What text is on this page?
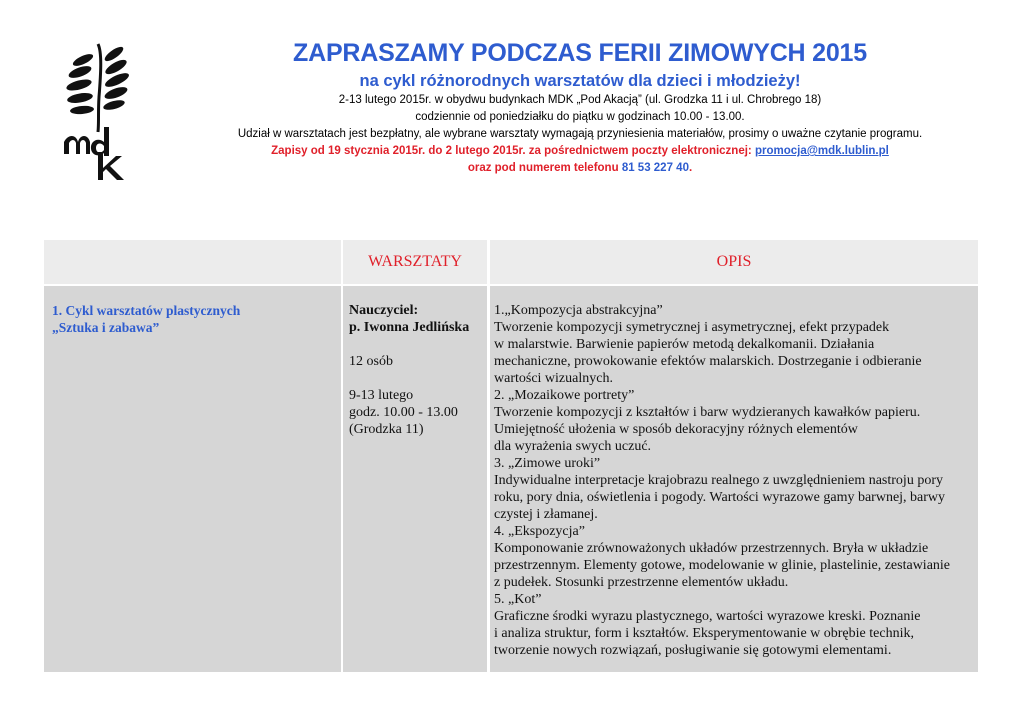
ZAPRASZAMY PODCZAS FERII ZIMOWYCH 2015
na cykl różnorodnych warsztatów dla dzieci i młodzieży!
2-13 lutego 2015r. w obydwu budynkach MDK „Pod Akacją” (ul. Grodzka 11 i ul. Chrobrego 18)
codziennie od poniedziałku do piątku w godzinach 10.00 - 13.00.
Udział w warsztatach jest bezpłatny, ale wybrane warsztaty wymagają przyniesienia materiałów, prosimy o uważne czytanie programu.
Zapisy od 19 stycznia 2015r. do 2 lutego 2015r. za pośrednictwem poczty elektronicznej: promocja@mdk.lublin.pl
oraz pod numerem telefonu 81 53 227 40.
WARSZTATY	OPIS
1. Cykl warsztatów plastycznych
„Sztuka i zabawa”
Nauczyciel:
p. Iwonna Jedlińska
12 osób
9-13 lutego
godz. 10.00 - 13.00
(Grodzka 11)
1.„Kompozycja abstrakcyjna”
Tworzenie kompozycji symetrycznej i asymetrycznej, efekt przypadek
w malarstwie. Barwienie papierów metodą dekalkomanii. Działania
mechaniczne, prowokowanie efektów malarskich. Dostrzeganie i odbieranie
wartości wizualnych.
2. „Mozaikowe portrety”
Tworzenie kompozycji z kształtów i barw wydzieranych kawałków papieru.
Umiejętność ułożenia w sposób dekoracyjny różnych elementów
dla wyrażenia swych uczuć.
3. „Zimowe uroki”
Indywidualne interpretacje krajobrazu realnego z uwzględnieniem nastroju pory
roku, pory dnia, oświetlenia i pogody. Wartości wyrazowe gamy barwnej, barwy
czystej i złamanej.
4. „Ekspozycja”
Komponowanie zrównoważonych układów przestrzennych. Bryła w układzie
przestrzennym. Elementy gotowe, modelowanie w glinie, plastelinie, zestawianie
z pudełek. Stosunki przestrzenne elementów układu.
5. „Kot”
Graficzne środki wyrazu plastycznego, wartości wyrazowe kreski. Poznanie
i analiza struktur, form i kształtów. Eksperymentowanie w obrębie technik,
tworzenie nowych rozwiązań, posługiwanie się gotowymi elementami.
